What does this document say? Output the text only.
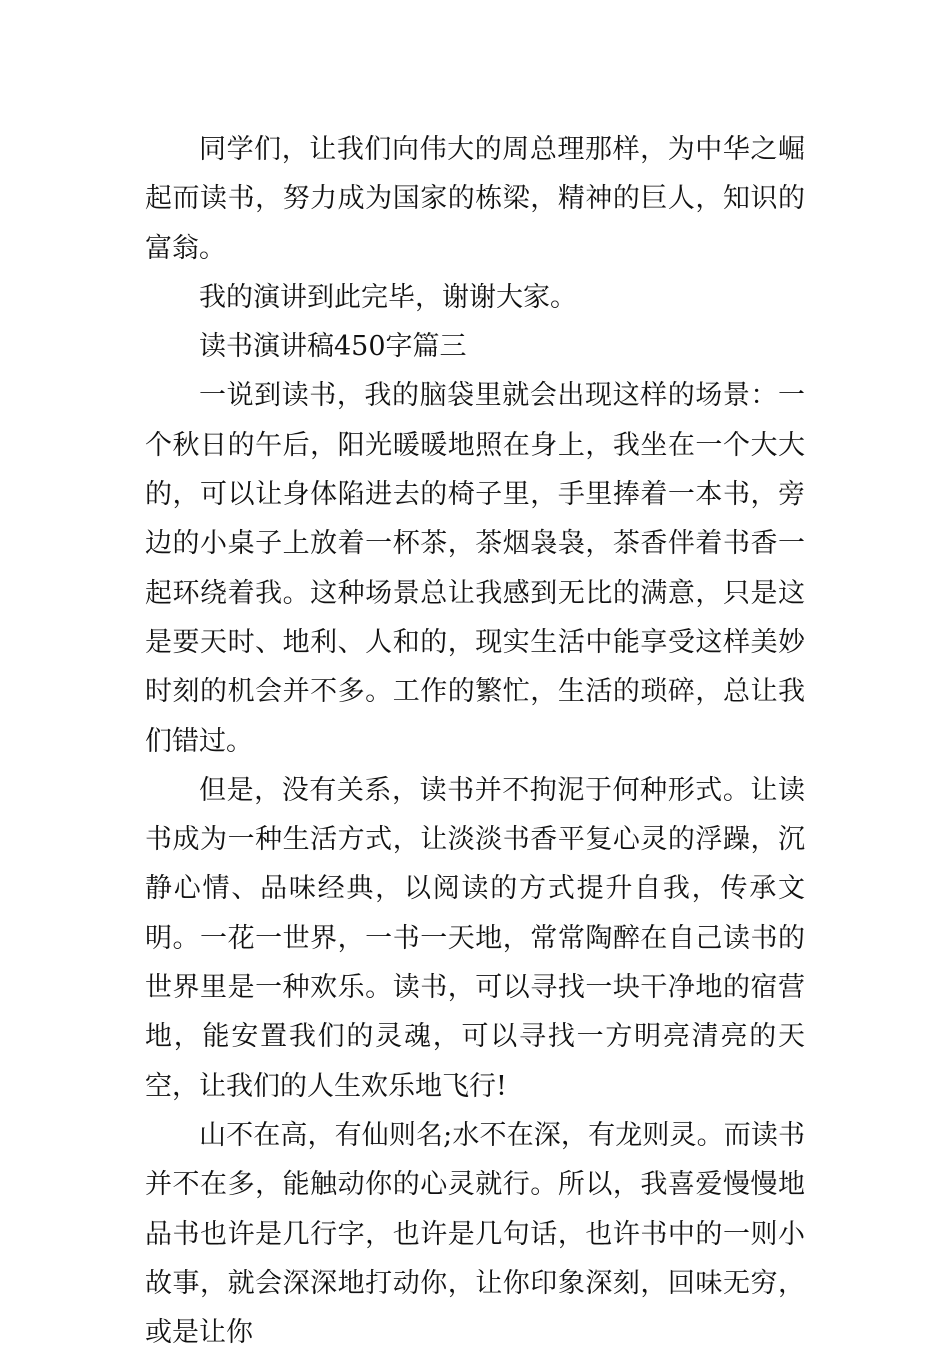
同学们，让我们向伟大的周总理那样，为中华之崛起而读书，努力成为国家的栋梁，精神的巨人，知识的富翁。

我的演讲到此完毕，谢谢大家。

读书演讲稿450字篇三

一说到读书，我的脑袋里就会出现这样的场景：一个秋日的午后，阳光暖暖地照在身上，我坐在一个大大的，可以让身体陷进去的椅子里，手里捧着一本书，旁边的小桌子上放着一杯茶，茶烟袅袅，茶香伴着书香一起环绕着我。这种场景总让我感到无比的满意，只是这是要天时、地利、人和的，现实生活中能享受这样美妙时刻的机会并不多。工作的繁忙，生活的琐碎，总让我们错过。

但是，没有关系，读书并不拘泥于何种形式。让读书成为一种生活方式，让淡淡书香平复心灵的浮躁，沉静心情、品味经典，以阅读的方式提升自我，传承文明。一花一世界，一书一天地，常常陶醉在自己读书的世界里是一种欢乐。读书，可以寻找一块干净地的宿营地，能安置我们的灵魂，可以寻找一方明亮清亮的天空，让我们的人生欢乐地飞行!

山不在高，有仙则名;水不在深，有龙则灵。而读书并不在多，能触动你的心灵就行。所以，我喜爱慢慢地品书也许是几行字，也许是几句话，也许书中的一则小故事，就会深深地打动你，让你印象深刻，回味无穷，或是让你
